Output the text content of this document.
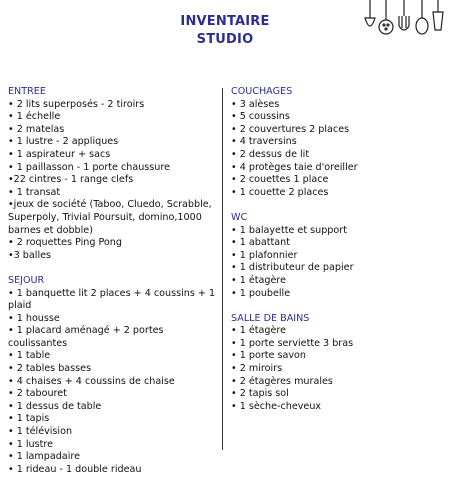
INVENTAIRE
STUDIO
ENTREE
• 2 lits superposés - 2 tiroirs
• 1 échelle
• 2 matelas
• 1 lustre - 2 appliques
• 1 aspirateur + sacs
• 1 paillasson - 1 porte chaussure
•22 cintres - 1 range clefs
• 1 transat
•jeux de société (Taboo, Cluedo, Scrabble, Superpoly, Trivial Poursuit, domino,1000 barnes et dobble)
• 2 roquettes Ping Pong
•3 balles
SEJOUR
• 1 banquette lit 2 places + 4 coussins + 1 plaid
• 1 housse
• 1 placard aménagé + 2 portes coulissantes
• 1 table
• 2 tables basses
• 4 chaises + 4 coussins de chaise
• 2 tabouret
• 1 dessus de table
• 1 tapis
• 1 télévision
• 1 lustre
• 1 lampadaire
• 1 rideau - 1 double rideau
COUCHAGES
• 3 alèses
• 5 coussins
• 2 couvertures 2 places
• 4 traversins
• 2 dessus de lit
• 4 protèges taie d'oreiller
• 2 couettes 1 place
• 1 couette 2 places
WC
• 1 balayette et support
• 1 abattant
• 1 plafonnier
• 1 distributeur de papier
• 1 étagère
• 1 poubelle
SALLE DE BAINS
• 1 étagère
• 1 porte serviette 3 bras
• 1 porte savon
• 2 miroirs
• 2 étagères murales
• 2 tapis sol
• 1 sèche-cheveux
